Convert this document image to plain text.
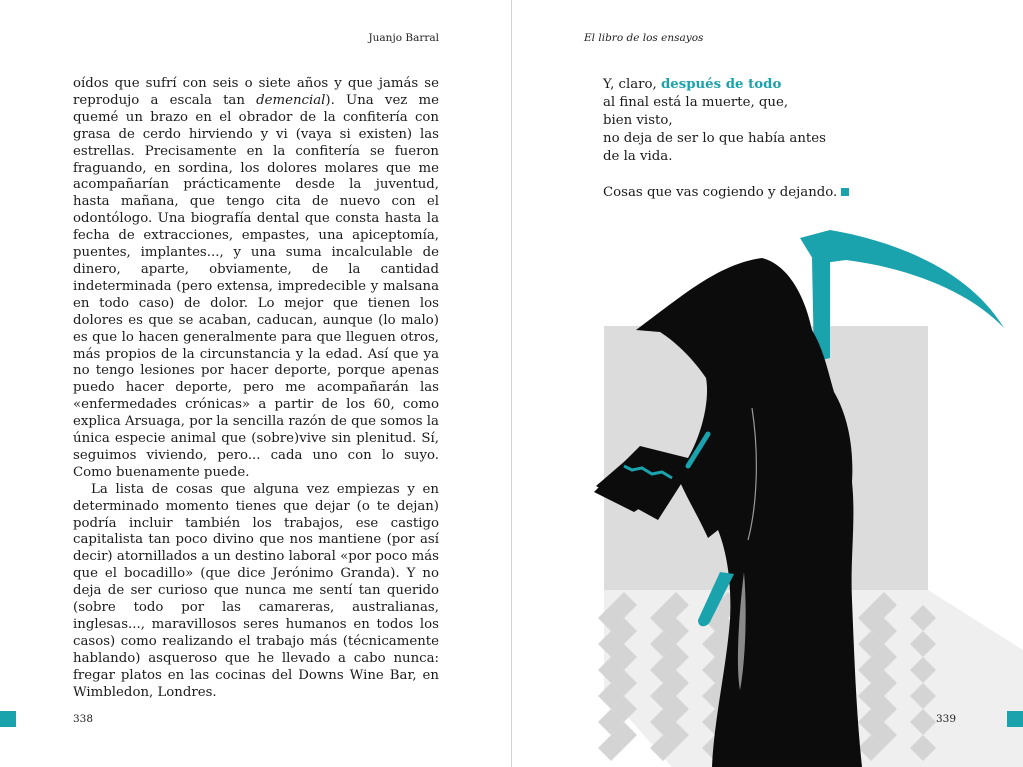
Juanjo Barral

oídos que sufrí con seis o siete años y que jamás se reprodujo a escala tan demencial). Una vez me quemé un brazo en el obrador de la confitería con grasa de cerdo hirviendo y vi (vaya si existen) las estrellas. Precisamente en la confitería se fueron fraguando, en sordina, los dolores molares que me acompañarían prácticamente desde la juventud, hasta mañana, que tengo cita de nuevo con el odontólogo. Una biografía dental que consta hasta la fecha de extracciones, empastes, una apiceptomía, puentes, implantes..., y una suma incalculable de dinero, aparte, obviamente, de la cantidad indeterminada (pero extensa, impredecible y malsana en todo caso) de dolor. Lo mejor que tienen los dolores es que se acaban, caducan, aunque (lo malo) es que lo hacen generalmente para que lleguen otros, más propios de la circunstancia y la edad. Así que ya no tengo lesiones por hacer deporte, porque apenas puedo hacer deporte, pero me acompañarán las «enfermedades crónicas» a partir de los 60, como explica Arsuaga, por la sencilla razón de que somos la única especie animal que (sobre)vive sin plenitud. Sí, seguimos viviendo, pero... cada uno con lo suyo. Como buenamente puede.

La lista de cosas que alguna vez empiezas y en determinado momento tienes que dejar (o te dejan) podría incluir también los trabajos, ese castigo capitalista tan poco divino que nos mantiene (por así decir) atornillados a un destino laboral «por poco más que el bocadillo» (que dice Jerónimo Granda). Y no deja de ser curioso que nunca me sentí tan querido (sobre todo por las camareras, australianas, inglesas..., maravillosos seres humanos en todos los casos) como realizando el trabajo más (técnicamente hablando) asqueroso que he llevado a cabo nunca: fregar platos en las cocinas del Downs Wine Bar, en Wimbledon, Londres.

338
El libro de los ensayos
Y, claro, después de todo
al final está la muerte, que,
bien visto,
no deja de ser lo que había antes
de la vida.
Cosas que vas cogiendo y dejando.
339
